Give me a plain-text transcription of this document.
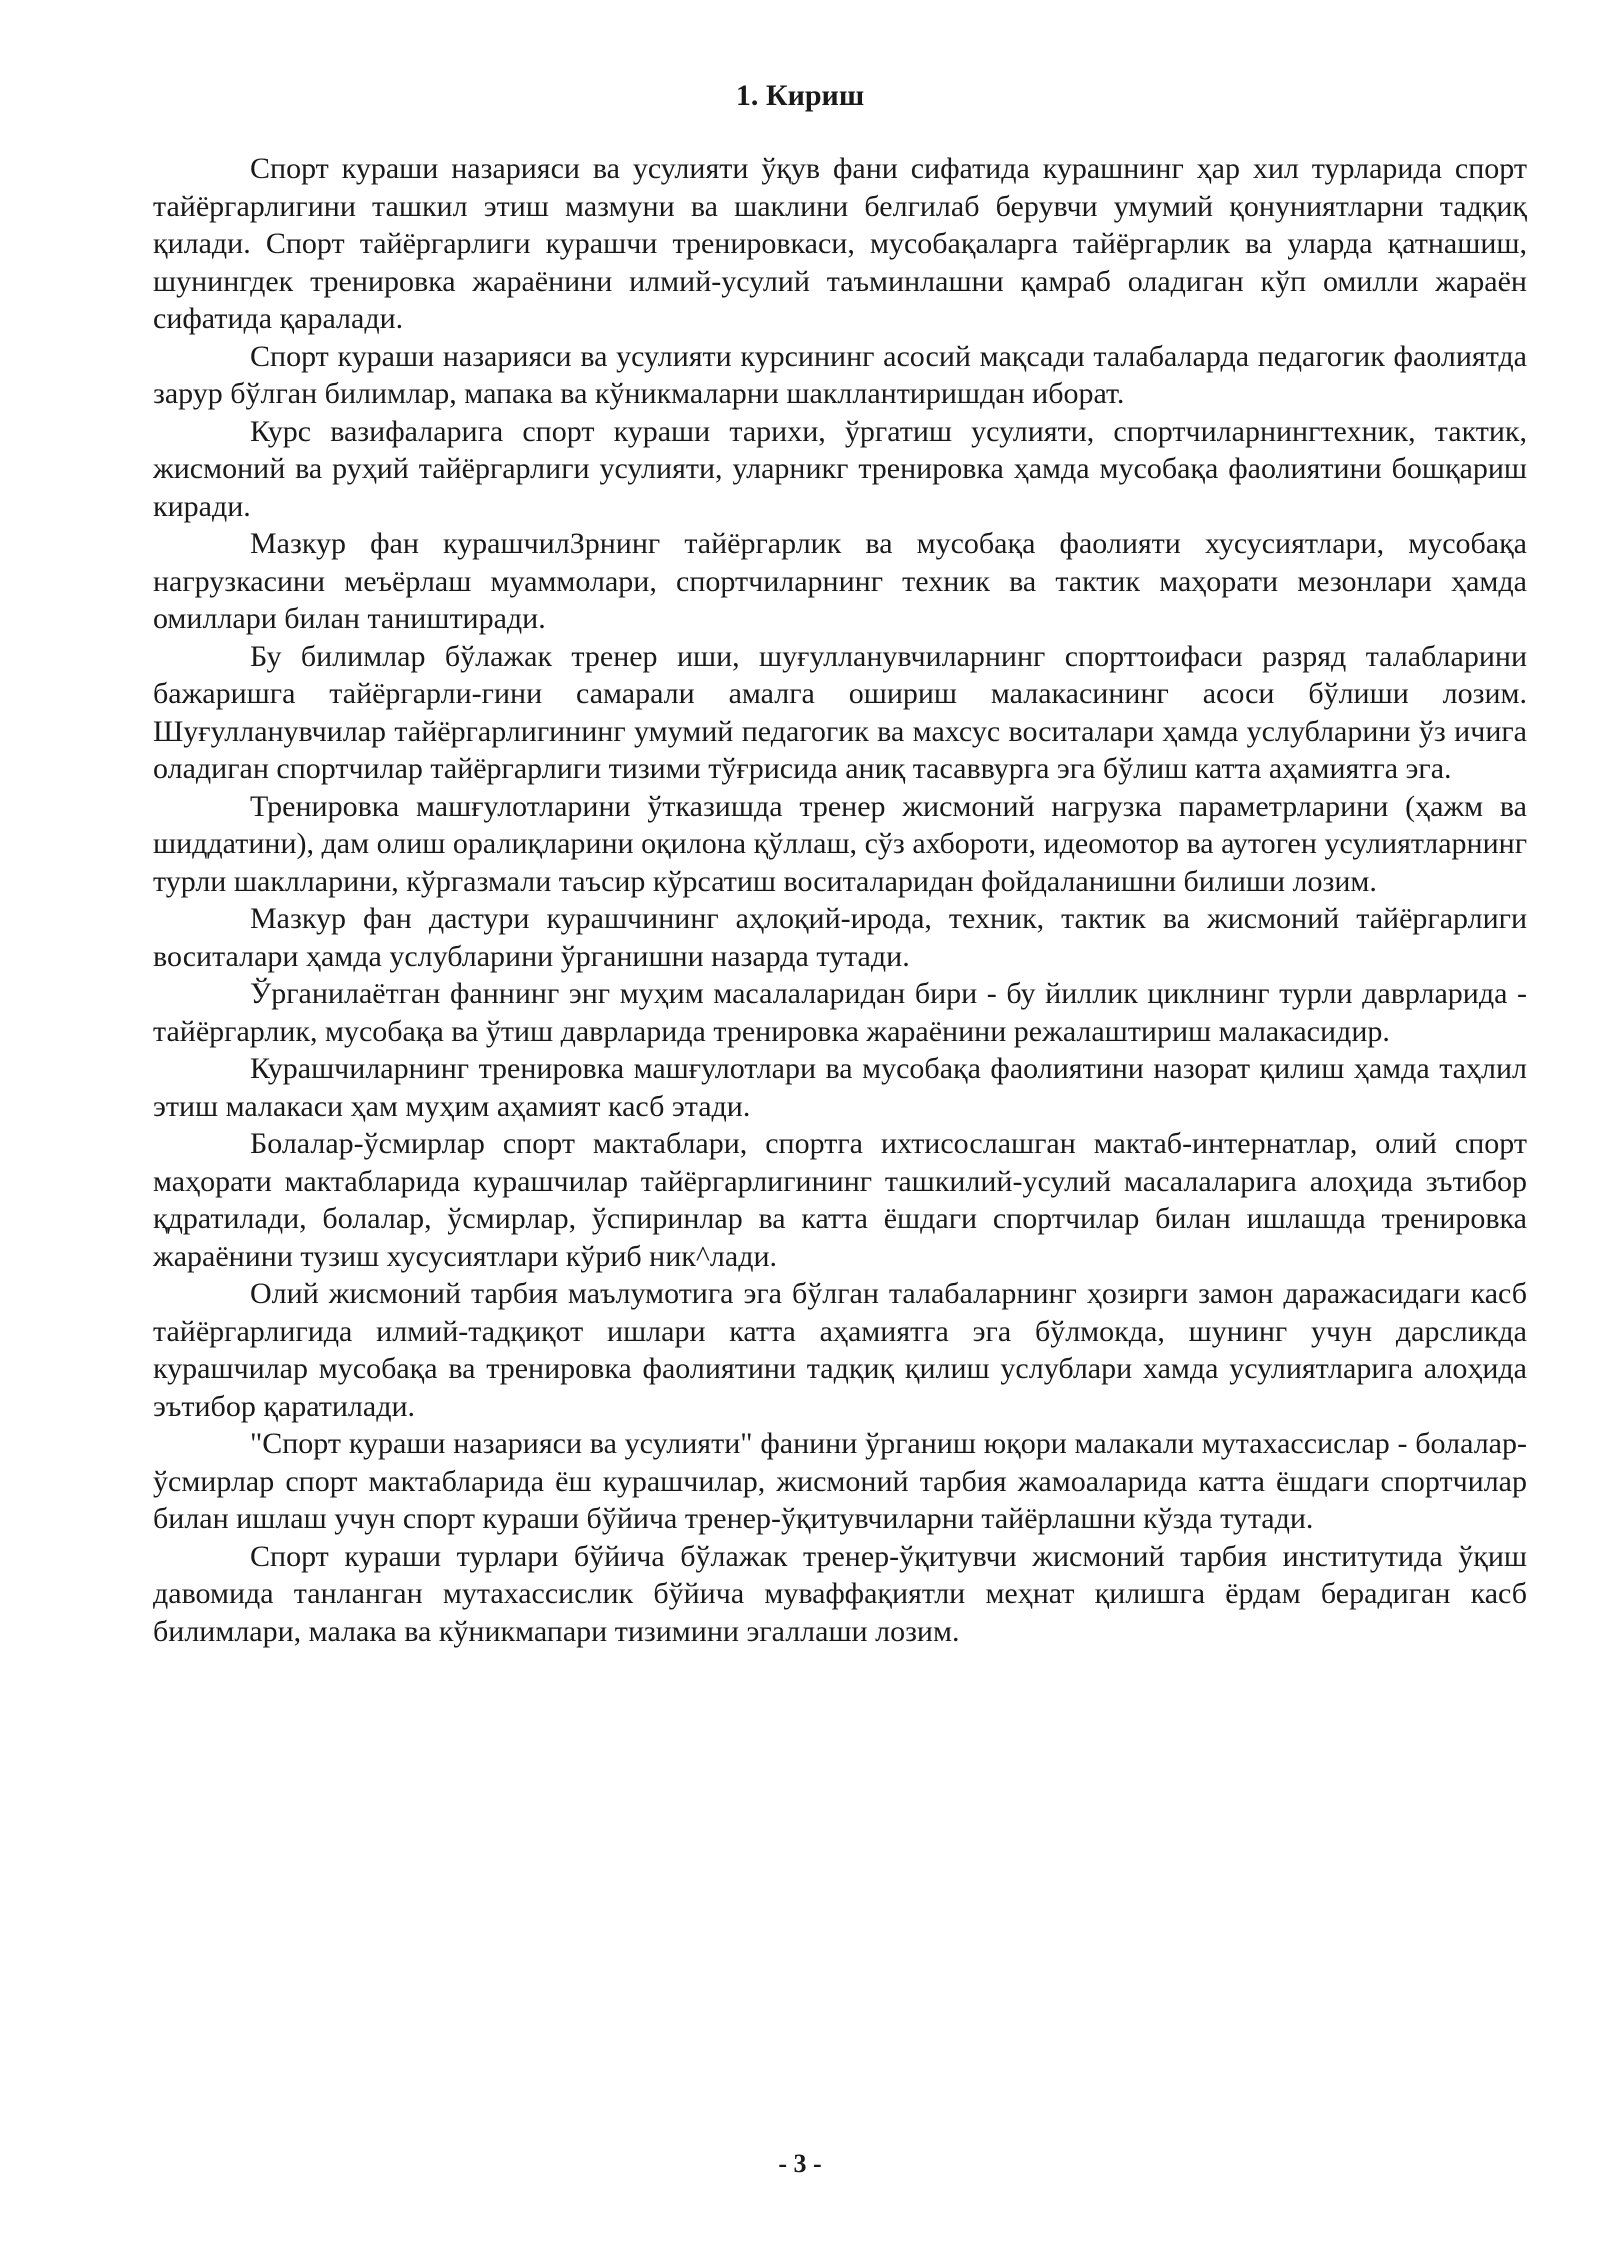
1. Кириш

Спорт кураши назарияси ва усулияти ўқув фани сифатида курашнинг ҳар хил турларида спорт тайёргарлигини ташкил этиш мазмуни ва шаклини белгилаб берувчи умумий қонуниятларни тадқиқ қилади. Спорт тайёргарлиги курашчи тренировкаси, мусобақаларга тайёргарлик ва уларда қатнашиш, шунингдек тренировка жараёнини илмий-усулий таъминлашни қамраб оладиган кўп омилли жараён сифатида қаралади.

Спорт кураши назарияси ва усулияти курсининг асосий мақсади талабаларда педагогик фаолиятда зарур бўлган билимлар, мапака ва кўникмаларни шакллантиришдан иборат.

Курс вазифаларига спорт кураши тарихи, ўргатиш усулияти, спортчиларнингтехник, тактик, жисмоний ва руҳий тайёргарлиги усулияти, уларникг тренировка ҳамда мусобақа фаолиятини бошқариш киради.

Мазкур фан курашчилЗрнинг тайёргарлик ва мусобақа фаолияти хусусиятлари, мусобақа нагрузкасини меъёрлаш муаммолари, спортчиларнинг техник ва тактик маҳорати мезонлари ҳамда омиллари билан таништиради.

Бу билимлар бўлажак тренер иши, шуғулланувчиларнинг спорттоифаси разряд талабларини бажаришга тайёргарли-гини самарали амалга ошириш малакасининг асоси бўлиши лозим. Шуғулланувчилар тайёргарлигининг умумий педагогик ва махсус воситалари ҳамда услубларини ўз ичига оладиган спортчилар тайёргарлиги тизими тўғрисида аниқ тасаввурга эга бўлиш катта аҳамиятга эга.

Тренировка машғулотларини ўтказишда тренер жисмоний нагрузка параметрларини (ҳажм ва шиддатини), дам олиш оралиқларини оқилона қўллаш, сўз ахбороти, идеомотор ва аутоген усулиятларнинг турли шаклларини, кўргазмали таъсир кўрсатиш воситаларидан фойдаланишни билиши лозим.

Мазкур фан дастури курашчининг аҳлоқий-ирода, техник, тактик ва жисмоний тайёргарлиги воситалари ҳамда услубларини ўрганишни назарда тутади.

Ўрганилаётган фаннинг энг муҳим масалаларидан бири - бу йиллик циклнинг турли даврларида - тайёргарлик, мусобақа ва ўтиш даврларида тренировка жараёнини режалаштириш малакасидир.

Курашчиларнинг тренировка машғулотлари ва мусобақа фаолиятини назорат қилиш ҳамда таҳлил этиш малакаси ҳам муҳим аҳамият касб этади.

Болалар-ўсмирлар спорт мактаблари, спортга ихтисослашган мактаб-интернатлар, олий спорт маҳорати мактабларида курашчилар тайёргарлигининг ташкилий-усулий масалаларига алоҳида зътибор қдратилади, болалар, ўсмирлар, ўспиринлар ва катта ёшдаги спортчилар билан ишлашда тренировка жараёнини тузиш хусусиятлари кўриб ник^лади.

Олий жисмоний тарбия маълумотига эга бўлган талабаларнинг ҳозирги замон даражасидаги касб тайёргарлигида илмий-тадқиқот ишлари катта аҳамиятга эга бўлмокда, шунинг учун дарсликда курашчилар мусобақа ва тренировка фаолиятини тадқиқ қилиш услублари хамда усулиятларига алоҳида эътибор қаратилади.

"Спорт кураши назарияси ва усулияти" фанини ўрганиш юқори малакали мутахассислар - болалар-ўсмирлар спорт мактабларида ёш курашчилар, жисмоний тарбия жамоаларида катта ёшдаги спортчилар билан ишлаш учун спорт кураши бўйича тренер-ўқитувчиларни тайёрлашни кўзда тутади.

Спорт кураши турлари бўйича бўлажак тренер-ўқитувчи жисмоний тарбия институтида ўқиш давомида танланган мутахассислик бўйича муваффақиятли меҳнат қилишга ёрдам берадиган касб билимлари, малака ва кўникмапари тизимини эгаллаши лозим.

- 3 -
